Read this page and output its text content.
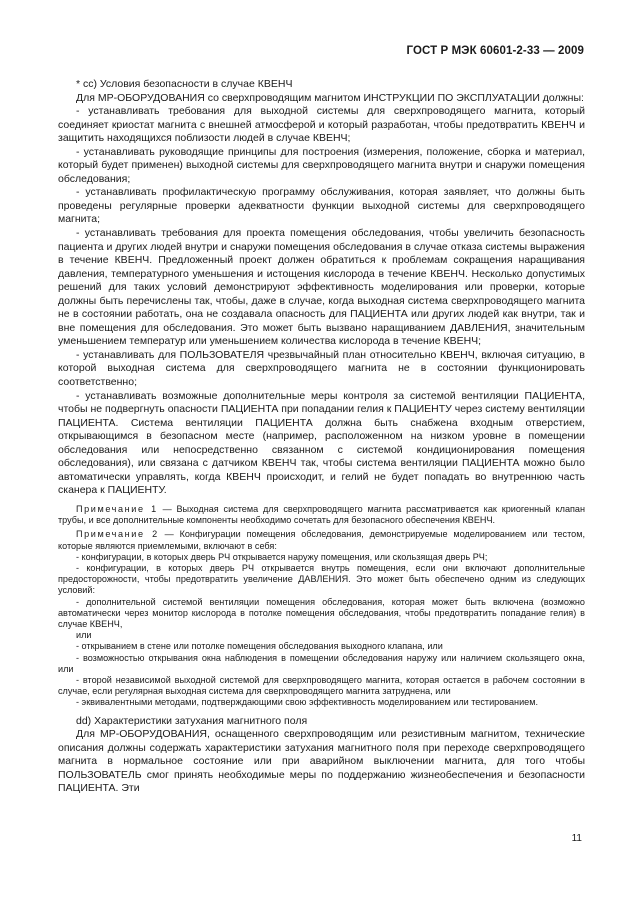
ГОСТ Р МЭК 60601-2-33 — 2009

* cc) Условия безопасности в случае КВЕНЧ

Для МР-ОБОРУДОВАНИЯ со сверхпроводящим магнитом ИНСТРУКЦИИ ПО ЭКСПЛУАТАЦИИ должны:

- устанавливать требования для выходной системы для сверхпроводящего магнита, который соединяет криостат магнита с внешней атмосферой и который разработан, чтобы предотвратить КВЕНЧ и защитить находящихся поблизости людей в случае КВЕНЧ;

- устанавливать руководящие принципы для построения (измерения, положение, сборка и материал, который будет применен) выходной системы для сверхпроводящего магнита внутри и снаружи помещения обследования;

- устанавливать профилактическую программу обслуживания, которая заявляет, что должны быть проведены регулярные проверки адекватности функции выходной системы для сверхпроводящего магнита;

- устанавливать требования для проекта помещения обследования, чтобы увеличить безопасность пациента и других людей внутри и снаружи помещения обследования в случае отказа системы выражения в течение КВЕНЧ. Предложенный проект должен обратиться к проблемам сокращения наращивания давления, температурного уменьшения и истощения кислорода в течение КВЕНЧ. Несколько допустимых решений для таких условий демонстрируют эффективность моделирования или проверки, которые должны быть перечислены так, чтобы, даже в случае, когда выходная система сверхпроводящего магнита не в состоянии работать, она не создавала опасность для ПАЦИЕНТА или других людей как внутри, так и вне помещения для обследования. Это может быть вызвано наращиванием ДАВЛЕНИЯ, значительным уменьшением температур или уменьшением количества кислорода в течение КВЕНЧ;

- устанавливать для ПОЛЬЗОВАТЕЛЯ чрезвычайный план относительно КВЕНЧ, включая ситуацию, в которой выходная система для сверхпроводящего магнита не в состоянии функционировать соответственно;

- устанавливать возможные дополнительные меры контроля за системой вентиляции ПАЦИЕНТА, чтобы не подвергнуть опасности ПАЦИЕНТА при попадании гелия к ПАЦИЕНТУ через систему вентиляции ПАЦИЕНТА. Система вентиляции ПАЦИЕНТА должна быть снабжена входным отверстием, открывающимся в безопасном месте (например, расположенном на низком уровне в помещении обследования или непосредственно связанном с системой кондиционирования помещения обследования), или связана с датчиком КВЕНЧ так, чтобы система вентиляции ПАЦИЕНТА можно было автоматически управлять, когда КВЕНЧ происходит, и гелий не будет попадать во внутреннюю часть сканера к ПАЦИЕНТУ.

Примечание 1 — Выходная система для сверхпроводящего магнита рассматривается как криогенный клапан трубы, и все дополнительные компоненты необходимо сочетать для безопасного обеспечения КВЕНЧ.

Примечание 2 — Конфигурации помещения обследования, демонстрируемые моделированием или тестом, которые являются приемлемыми, включают в себя:

- конфигурации, в которых дверь РЧ открывается наружу помещения, или скользящая дверь РЧ;

- конфигурации, в которых дверь РЧ открывается внутрь помещения, если они включают дополнительные предосторожности, чтобы предотвратить увеличение ДАВЛЕНИЯ. Это может быть обеспечено одним из следующих условий:

- дополнительной системой вентиляции помещения обследования, которая может быть включена (возможно автоматически через монитор кислорода в потолке помещения обследования, чтобы предотвратить попадание гелия) в случае КВЕНЧ,

или

- открыванием в стене или потолке помещения обследования выходного клапана, или

- возможностью открывания окна наблюдения в помещении обследования наружу или наличием скользящего окна, или

- второй независимой выходной системой для сверхпроводящего магнита, которая остается в рабочем состоянии в случае, если регулярная выходная система для сверхпроводящего магнита затруднена, или

- эквивалентными методами, подтверждающими свою эффективность моделированием или тестированием.

dd) Характеристики затухания магнитного поля

Для МР-ОБОРУДОВАНИЯ, оснащенного сверхпроводящим или резистивным магнитом, технические описания должны содержать характеристики затухания магнитного поля при переходе сверхпроводящего магнита в нормальное состояние или при аварийном выключении магнита, для того чтобы ПОЛЬЗОВАТЕЛЬ смог принять необходимые меры по поддержанию жизнеобеспечения и безопасности ПАЦИЕНТА. Эти

11
